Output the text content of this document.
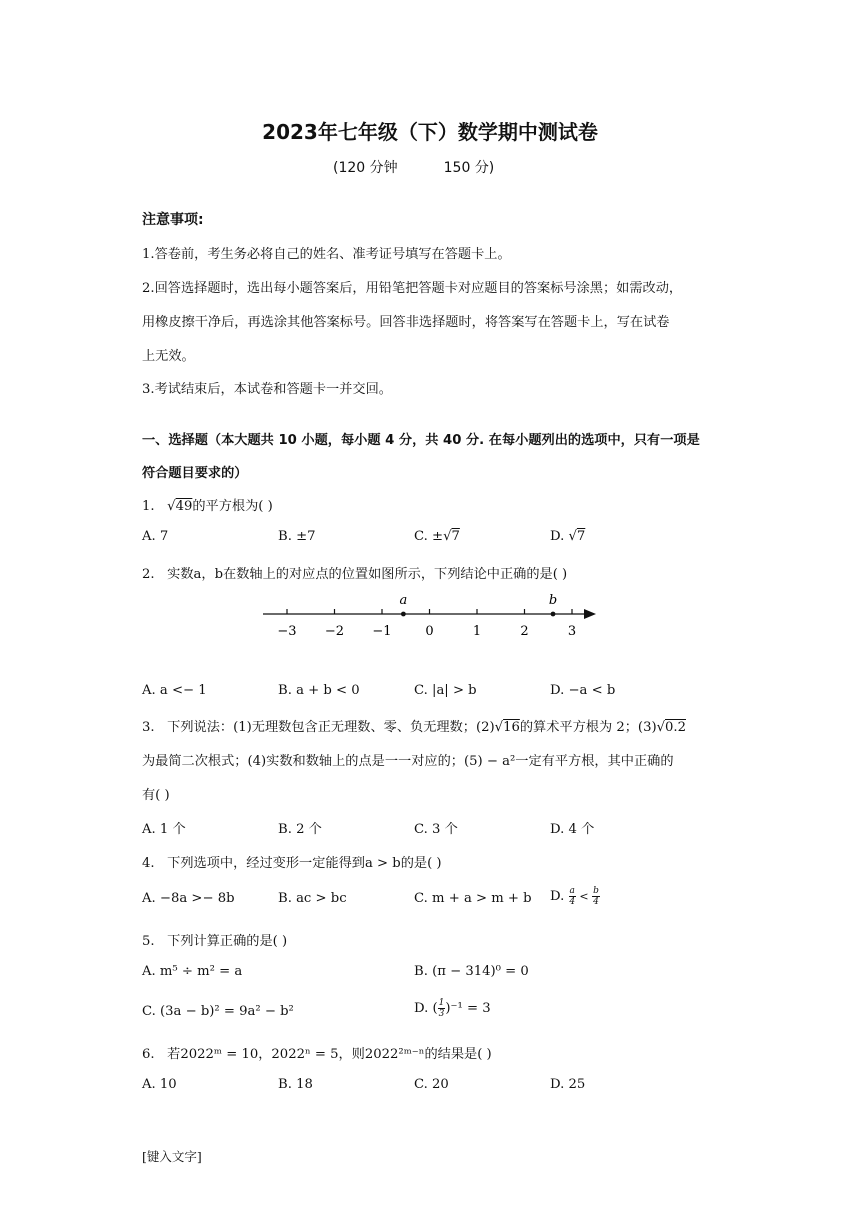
2023年七年级（下）数学期中测试卷
(120 分钟	150 分)
注意事项:
1.答卷前，考生务必将自己的姓名、准考证号填写在答题卡上。
2.回答选择题时，选出每小题答案后，用铅笔把答题卡对应题目的答案标号涂黑；如需改动，
用橡皮擦干净后，再选涂其他答案标号。回答非选择题时，将答案写在答题卡上，写在试卷
上无效。
3.考试结束后，本试卷和答题卡一并交回。
一、选择题（本大题共 10 小题，每小题 4 分，共 40 分. 在每小题列出的选项中，只有一项是
符合题目要求的）
1.   √49的平方根为( )
A. 7	B. ±7	C. ±√7	D. √7
2. 实数a，b在数轴上的对应点的位置如图所示，下列结论中正确的是( )
−3 −2 −1	0	1	2	3
a	b
A. a <− 1	B. a + b < 0	C. |a| > b	D. −a < b
3. 下列说法：(1)无理数包含正无理数、零、负无理数；(2)√16的算术平方根为 2；(3)√0.2
为最简二次根式；(4)实数和数轴上的点是一一对应的；(5) − a²一定有平方根，其中正确的
有( )
A. 1 个	B. 2 个	C. 3 个	D. 4 个
4. 下列选项中，经过变形一定能得到a > b的是( )
A. −8a >− 8b	B. ac > bc	C. m + a > m + b D. $\frac{a}{4} < \frac{b}{4}$
5. 下列计算正确的是( )
A. m⁵ ÷ m² = a	B. (π − 314)⁰ = 0
C. (3a − b)² = 9a² − b²	D. ( $\frac{1}{3} )^{-1} = 3$
6. 若2022ᵐ = 10，2022ⁿ = 5，则2022²ᵐ⁻ⁿ的结果是( )
A. 10	B. 18	C. 20	D. 25
[键入文字]
